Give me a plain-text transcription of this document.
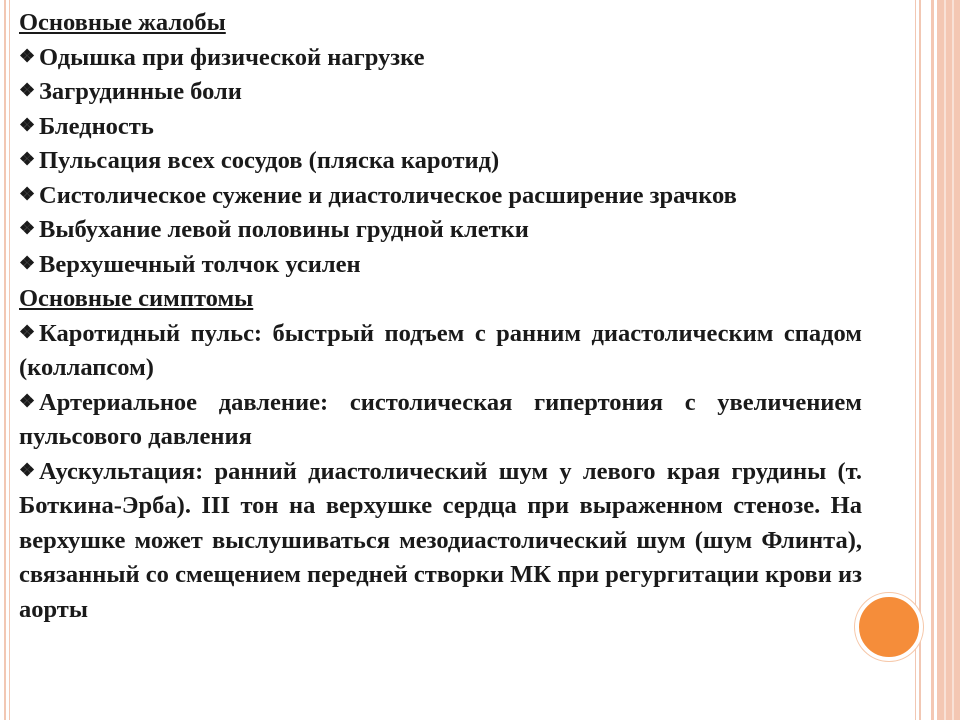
Основные жалобы

❖ Одышка при физической нагрузке

❖ Загрудинные боли

❖ Бледность

❖ Пульсация всех сосудов (пляска каротид)

❖ Систолическое сужение и диастолическое расширение зрачков

❖ Выбухание левой половины грудной клетки

❖ Верхушечный толчок усилен

Основные симптомы

❖ Каротидный пульс: быстрый подъем с ранним диастолическим спадом (коллапсом)

❖ Артериальное давление: систолическая гипертония с увеличением пульсового давления

❖ Аускультация: ранний диастолический шум у левого края грудины (т. Боткина-Эрба). III тон на верхушке сердца при выраженном стенозе. На верхушке может выслушиваться мезодиастолический шум (шум Флинта), связанный со смещением передней створки МК при регургитации крови из аорты
